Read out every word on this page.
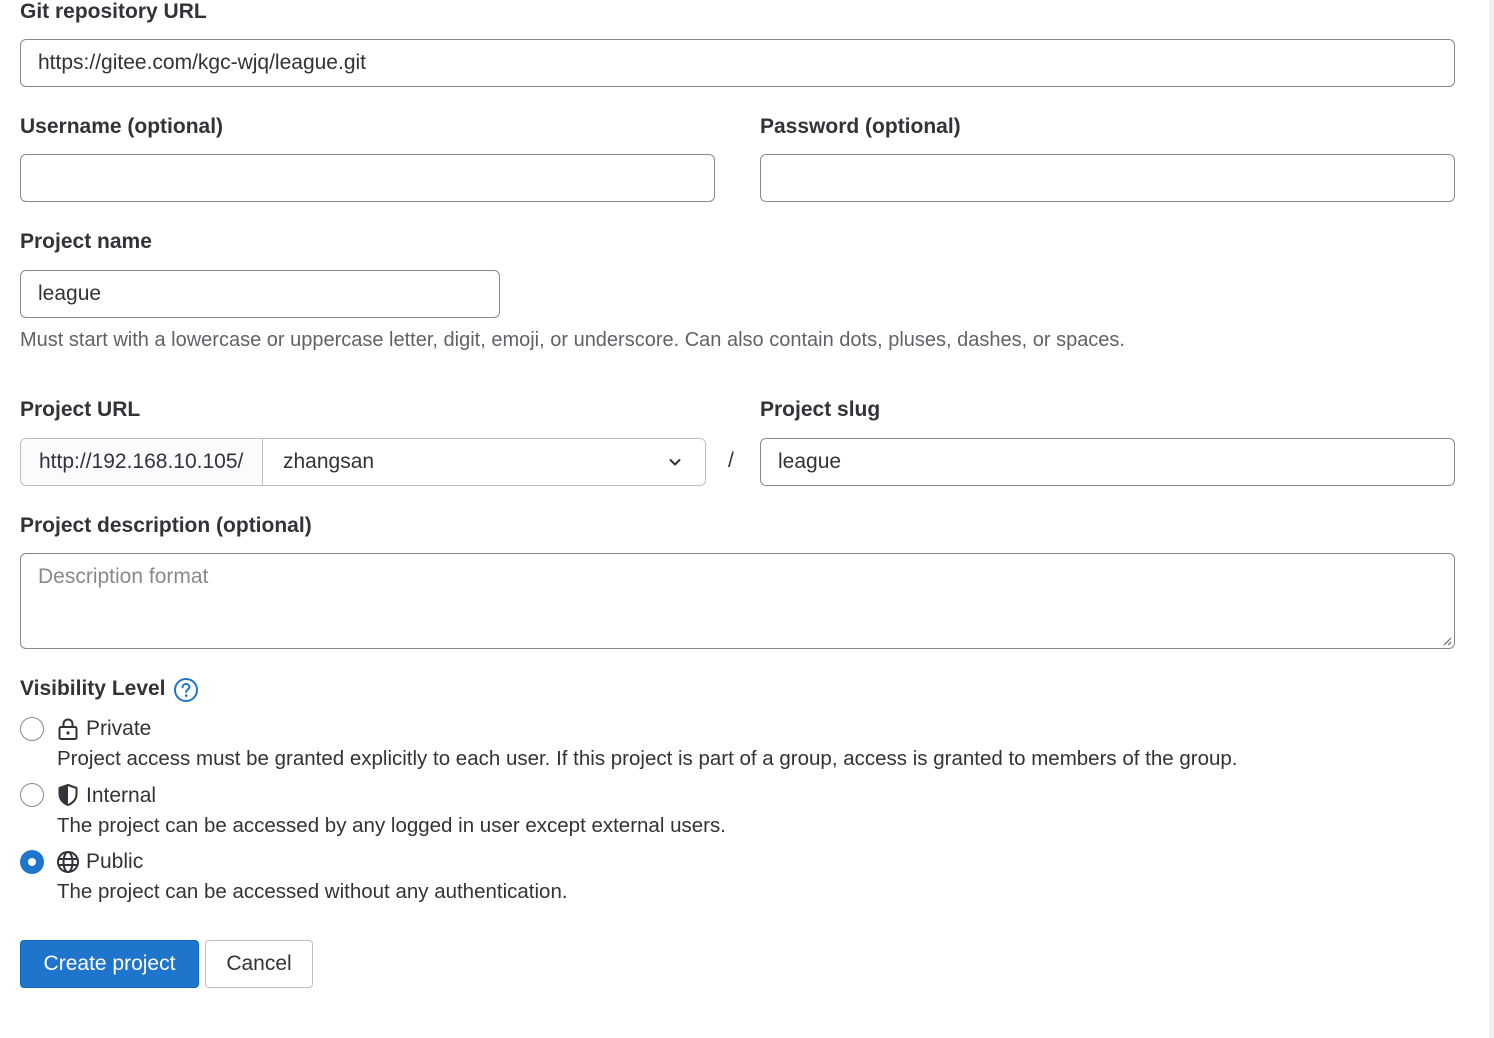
Git repository URL
https://gitee.com/kgc-wjq/league.git
Username (optional)	Password (optional)
Project name
league
Must start with a lowercase or uppercase letter, digit, emoji, or underscore. Can also contain dots, pluses, dashes, or spaces.
Project URL
http://192.168.10.105/ zhangsan	/
Project slug
league
Project description (optional)
Description format
Visibility Level
Private
Project access must be granted explicitly to each user. If this project is part of a group, access is granted to members of the group.
Internal
The project can be accessed by any logged in user except external users.
Public
The project can be accessed without any authentication.
Create project	Cancel
